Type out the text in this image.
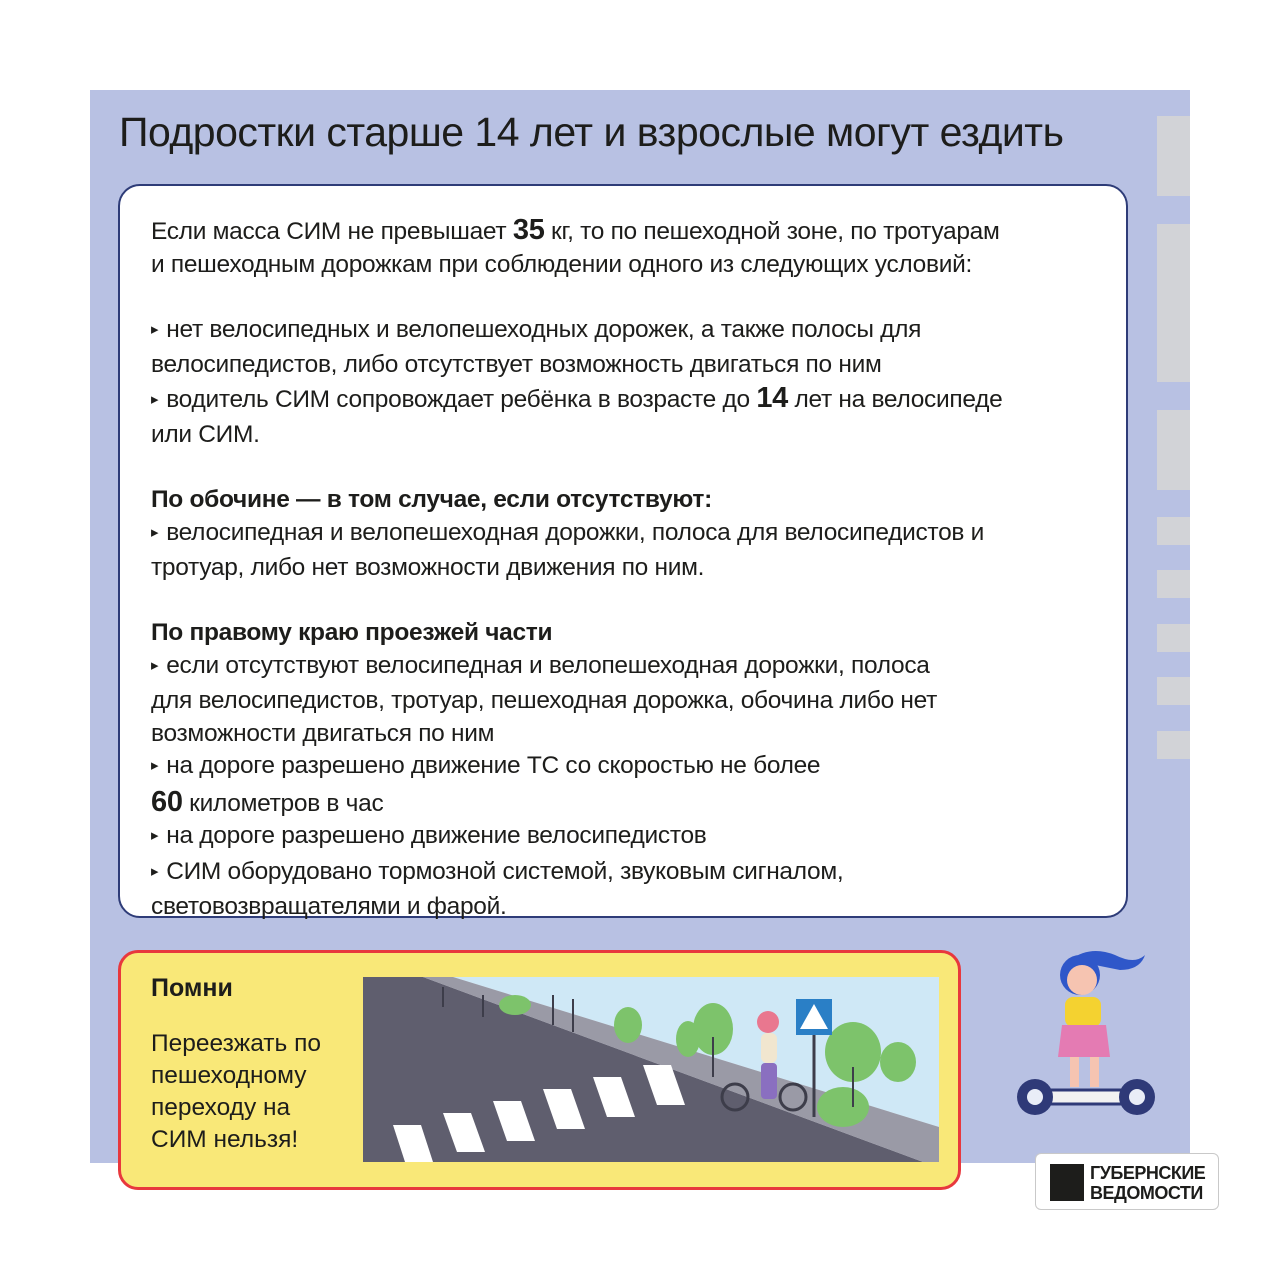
Подростки старше 14 лет и взрослые могут ездить

Если масса СИМ не превышает 35 кг, то по пешеходной зоне, по тротуарам

и пешеходным дорожкам при соблюдении одного из следующих условий:

▸ нет велосипедных и велопешеходных дорожек, а также полосы для

велосипедистов, либо отсутствует возможность двигаться по ним

▸ водитель СИМ сопровождает ребёнка в возрасте до 14 лет на велосипеде

или СИМ.

По обочине — в том случае, если отсутствуют:

▸ велосипедная и велопешеходная дорожки, полоса для велосипедистов и

тротуар, либо нет возможности движения по ним.

По правому краю проезжей части

▸ если отсутствуют велосипедная и велопешеходная дорожки, полоса

для велосипедистов, тротуар, пешеходная дорожка, обочина либо нет

возможности двигаться по ним

▸ на дороге разрешено движение ТС со скоростью не более

60 километров в час

▸ на дороге разрешено движение велосипедистов

▸ СИМ оборудовано тормозной системой, звуковым сигналом,

световозвращателями и фарой.

Помни
Переезжать по
пешеходному
переходу на
СИМ нельзя!
ГУБЕРНСКИЕ
ВЕДОМОСТИ
